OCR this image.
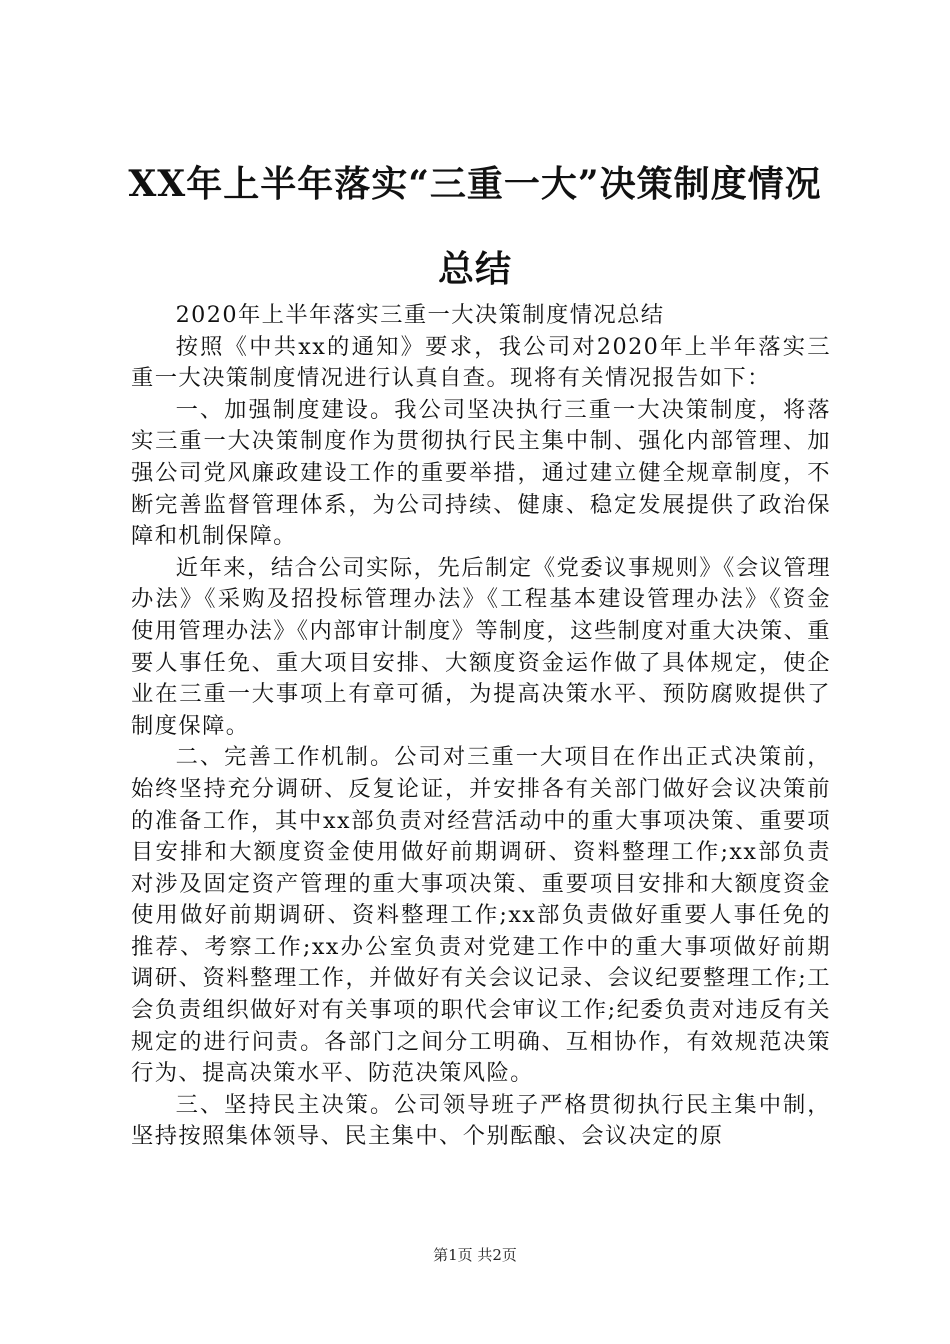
XX年上半年落实“三重一大”决策制度情况
总结

2020年上半年落实三重一大决策制度情况总结

按照《中共xx的通知》要求，我公司对2020年上半年落实三重一大决策制度情况进行认真自查。现将有关情况报告如下：

一、加强制度建设。我公司坚决执行三重一大决策制度，将落实三重一大决策制度作为贯彻执行民主集中制、强化内部管理、加强公司党风廉政建设工作的重要举措，通过建立健全规章制度，不断完善监督管理体系，为公司持续、健康、稳定发展提供了政治保障和机制保障。

近年来，结合公司实际，先后制定《党委议事规则》《会议管理办法》《采购及招投标管理办法》《工程基本建设管理办法》《资金使用管理办法》《内部审计制度》等制度，这些制度对重大决策、重要人事任免、重大项目安排、大额度资金运作做了具体规定，使企业在三重一大事项上有章可循，为提高决策水平、预防腐败提供了制度保障。

二、完善工作机制。公司对三重一大项目在作出正式决策前，始终坚持充分调研、反复论证，并安排各有关部门做好会议决策前的准备工作，其中xx部负责对经营活动中的重大事项决策、重要项目安排和大额度资金使用做好前期调研、资料整理工作;xx部负责对涉及固定资产管理的重大事项决策、重要项目安排和大额度资金使用做好前期调研、资料整理工作;xx部负责做好重要人事任免的推荐、考察工作;xx办公室负责对党建工作中的重大事项做好前期调研、资料整理工作，并做好有关会议记录、会议纪要整理工作;工会负责组织做好对有关事项的职代会审议工作;纪委负责对违反有关规定的进行问责。各部门之间分工明确、互相协作，有效规范决策行为、提高决策水平、防范决策风险。

三、坚持民主决策。公司领导班子严格贯彻执行民主集中制，坚持按照集体领导、民主集中、个别酝酿、会议决定的原

第1页 共2页
